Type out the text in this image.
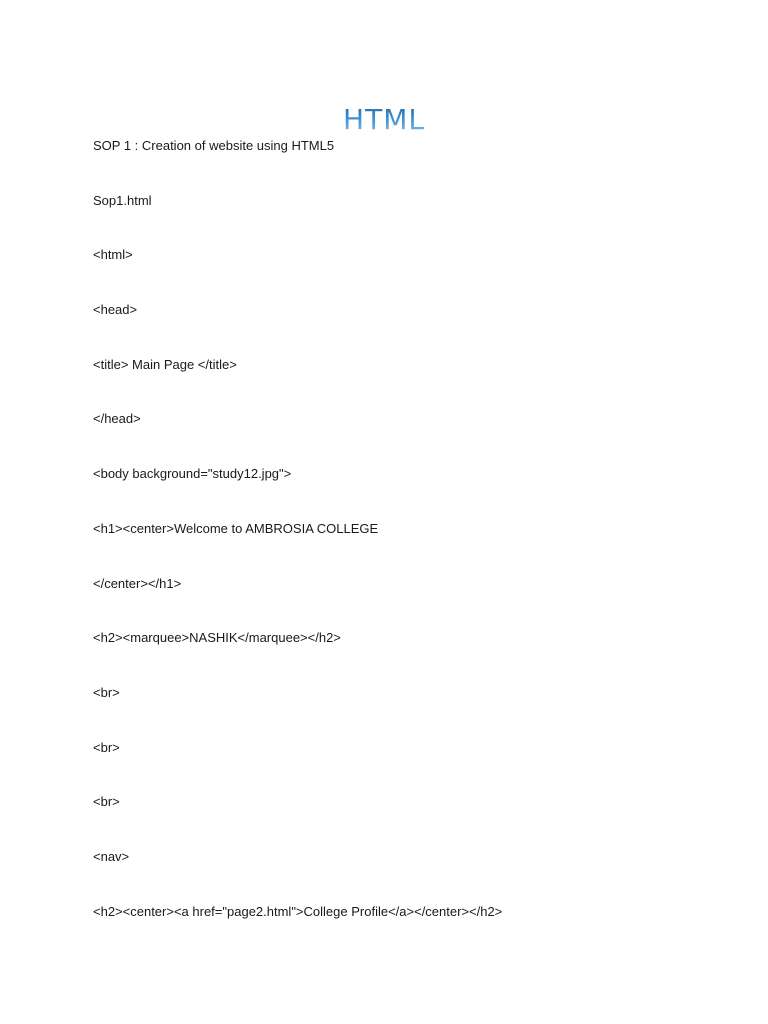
HTML
SOP 1 : Creation of website using HTML5
Sop1.html
<html>
<head>
<title> Main Page </title>
</head>
<body background="study12.jpg">
<h1><center>Welcome to AMBROSIA COLLEGE
</center></h1>
<h2><marquee>NASHIK</marquee></h2>
<br>
<br>
<br>
<nav>
<h2><center><a href="page2.html">College Profile</a></center></h2>
